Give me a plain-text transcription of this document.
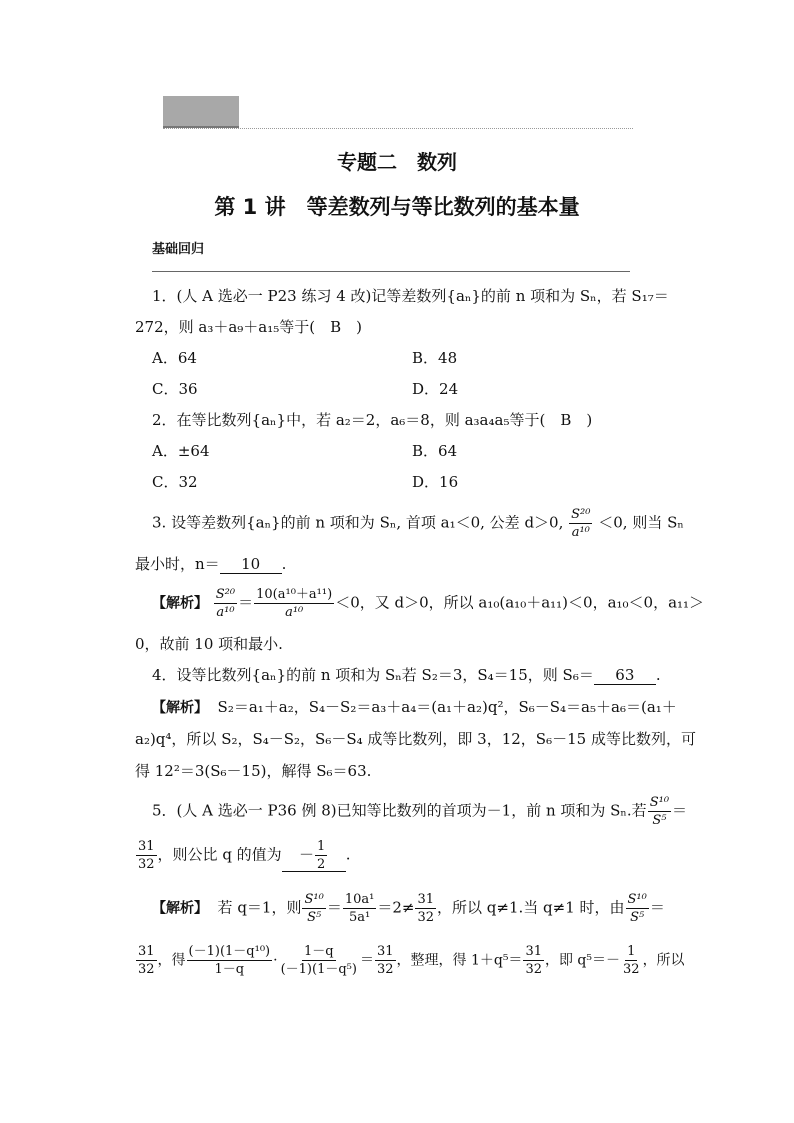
专题二　数列
第 1 讲　等差数列与等比数列的基本量
基础回归
1．(人 A 选必一 P23 练习 4 改)记等差数列{aₙ}的前 n 项和为 Sₙ，若 S₁₇＝
272，则 a₃＋a₉＋a₁₅等于(　B　)
A．64	B．48
C．36	D．24
2．在等比数列{aₙ}中，若 a₂＝2，a₆＝8，则 a₃a₄a₅等于(　B　)
A．±64	B．64
C．32	D．16
3. 设等差数列{aₙ}的前 n 项和为 Sₙ, 首项 a₁＜0, 公差 d＞0, $\frac{\text{S²⁰}}{\text{a¹⁰}} <0$, 则当 Sₙ
最小时，n＝ 10 .
【解析】 $\frac{\text{S²⁰}}{\text{a¹⁰}} = \frac{\text{10(a¹⁰＋a¹¹)}}{\text{a¹⁰}} <0$，又 d＞0，所以 a₁₀(a₁₀＋a₁₁)＜0，a₁₀＜0，a₁₁＞
0，故前 10 项和最小.
4．设等比数列{aₙ}的前 n 项和为 Sₙ若 S₂＝3，S₄＝15，则 S₆＝ 63 .
【解析】 S₂＝a₁＋a₂，S₄－S₂＝a₃＋a₄＝(a₁＋a₂)q²，S₆－S₄＝a₅＋a₆＝(a₁＋
a₂)q⁴，所以 S₂，S₄－S₂，S₆－S₄ 成等比数列，即 3，12，S₆－15 成等比数列，可
得 12²＝3(S₆－15)，解得 S₆＝63.
5．(人 A 选必一 P36 例 8)已知等比数列的首项为－1，前 n 项和为 Sₙ.若 $\frac{\text{S¹⁰}}{\text{S⁵}}$ ＝
$\frac{31}{32}$ ，则公比 q 的值为 － $\frac{1}{2}$ .
【解析】 若 q＝1，则 $\frac{\text{S¹⁰}}{\text{S⁵}} = \frac{\text{10a¹}}{\text{5a¹}} =2\ne \frac{31}{32}$ ，所以 q≠1.当 q≠1 时，由 $\frac{\text{S¹⁰}}{\text{S⁵}}$ ＝
$\frac{31}{32}$ ，得 $\frac{\text{(－1)(1－q¹⁰)}}{1-q} \cdot \frac{1-q}{\text{(－1)(1－q⁵)}} = \frac{31}{32}$ ，整理，得 $1+q^5= \frac{31}{32}$ ，即 $q^5=- \frac{1}{32}$ ，所以
